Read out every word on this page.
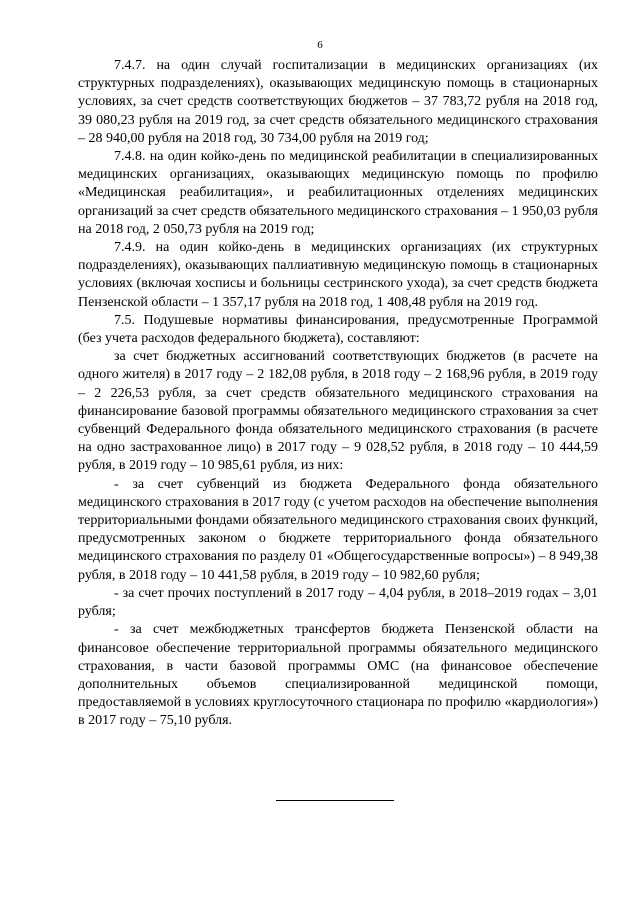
6

7.4.7. на один случай госпитализации в медицинских организациях (их структурных подразделениях), оказывающих медицинскую помощь в стационарных условиях, за счет средств соответствующих бюджетов – 37 783,72 рубля на 2018 год, 39 080,23 рубля на 2019 год, за счет средств обязательного медицинского страхования – 28 940,00 рубля на 2018 год, 30 734,00 рубля на 2019 год;

7.4.8. на один койко-день по медицинской реабилитации в специализированных медицинских организациях, оказывающих медицинскую помощь по профилю «Медицинская реабилитация», и реабилитационных отделениях медицинских организаций за счет средств обязательного медицинского страхования – 1 950,03 рубля на 2018 год, 2 050,73 рубля на 2019 год;

7.4.9. на один койко-день в медицинских организациях (их структурных подразделениях), оказывающих паллиативную медицинскую помощь в стационарных условиях (включая хосписы и больницы сестринского ухода), за счет средств бюджета Пензенской области – 1 357,17 рубля на 2018 год, 1 408,48 рубля на 2019 год.

7.5. Подушевые нормативы финансирования, предусмотренные Программой (без учета расходов федерального бюджета), составляют:

за счет бюджетных ассигнований соответствующих бюджетов (в расчете на одного жителя) в 2017 году – 2 182,08 рубля, в 2018 году – 2 168,96 рубля, в 2019 году – 2 226,53 рубля, за счет средств обязательного медицинского страхования на финансирование базовой программы обязательного медицинского страхования за счет субвенций Федерального фонда обязательного медицинского страхования (в расчете на одно застрахованное лицо) в 2017 году – 9 028,52 рубля, в 2018 году – 10 444,59 рубля, в 2019 году – 10 985,61 рубля, из них:

- за счет субвенций из бюджета Федерального фонда обязательного медицинского страхования в 2017 году (с учетом расходов на обеспечение выполнения территориальными фондами обязательного медицинского страхования своих функций, предусмотренных законом о бюджете территориального фонда обязательного медицинского страхования по разделу 01 «Общегосударственные вопросы») – 8 949,38 рубля, в 2018 году – 10 441,58 рубля, в 2019 году – 10 982,60 рубля;

- за счет прочих поступлений в 2017 году – 4,04 рубля, в 2018–2019 годах – 3,01 рубля;

- за счет межбюджетных трансфертов бюджета Пензенской области на финансовое обеспечение территориальной программы обязательного медицинского страхования, в части базовой программы ОМС (на финансовое обеспечение дополнительных объемов специализированной медицинской помощи, предоставляемой в условиях круглосуточного стационара по профилю «кардиология») в 2017 году – 75,10 рубля.
